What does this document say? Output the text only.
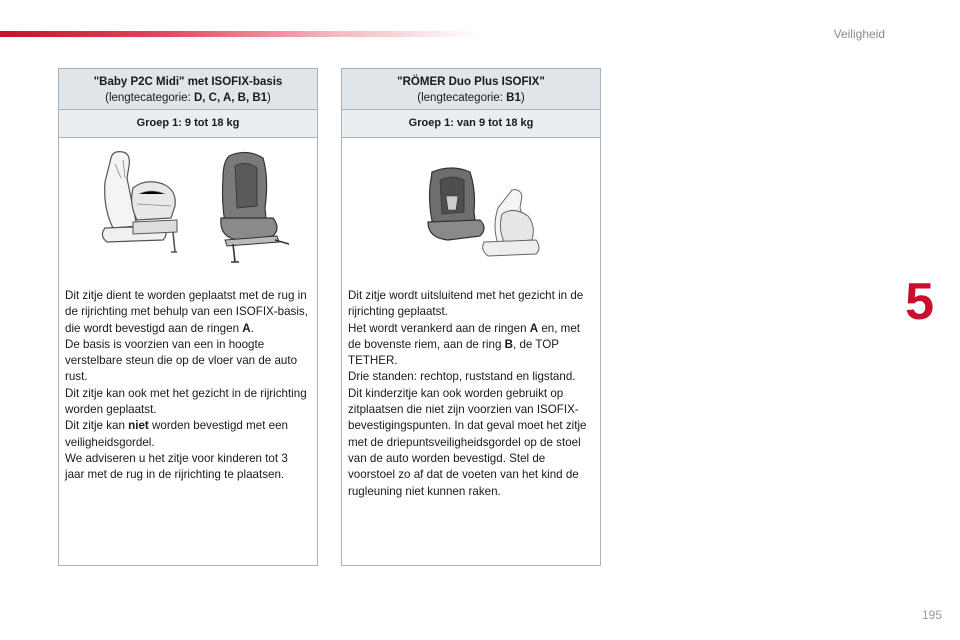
Veiligheid
5
195
"Baby P2C Midi" met ISOFIX-basis
(lengtecategorie: D, C, A, B, B1)
Groep 1: 9 tot 18 kg

Dit zitje dient te worden geplaatst met de rug in de rijrichting met behulp van een ISOFIX-basis, die wordt bevestigd aan de ringen A.

De basis is voorzien van een in hoogte verstelbare steun die op de vloer van de auto rust.

Dit zitje kan ook met het gezicht in de rijrichting worden geplaatst.

Dit zitje kan niet worden bevestigd met een veiligheidsgordel.

We adviseren u het zitje voor kinderen tot 3 jaar met de rug in de rijrichting te plaatsen.

"RÖMER Duo Plus ISOFIX"
(lengtecategorie: B1)
Groep 1: van 9 tot 18 kg

Dit zitje wordt uitsluitend met het gezicht in de rijrichting geplaatst.

Het wordt verankerd aan de ringen A en, met de bovenste riem, aan de ring B, de TOP TETHER.

Drie standen: rechtop, ruststand en ligstand.

Dit kinderzitje kan ook worden gebruikt op zitplaatsen die niet zijn voorzien van ISOFIX-bevestigingspunten. In dat geval moet het zitje met de driepuntsveiligheidsgordel op de stoel van de auto worden bevestigd. Stel de voorstoel zo af dat de voeten van het kind de rugleuning niet kunnen raken.
